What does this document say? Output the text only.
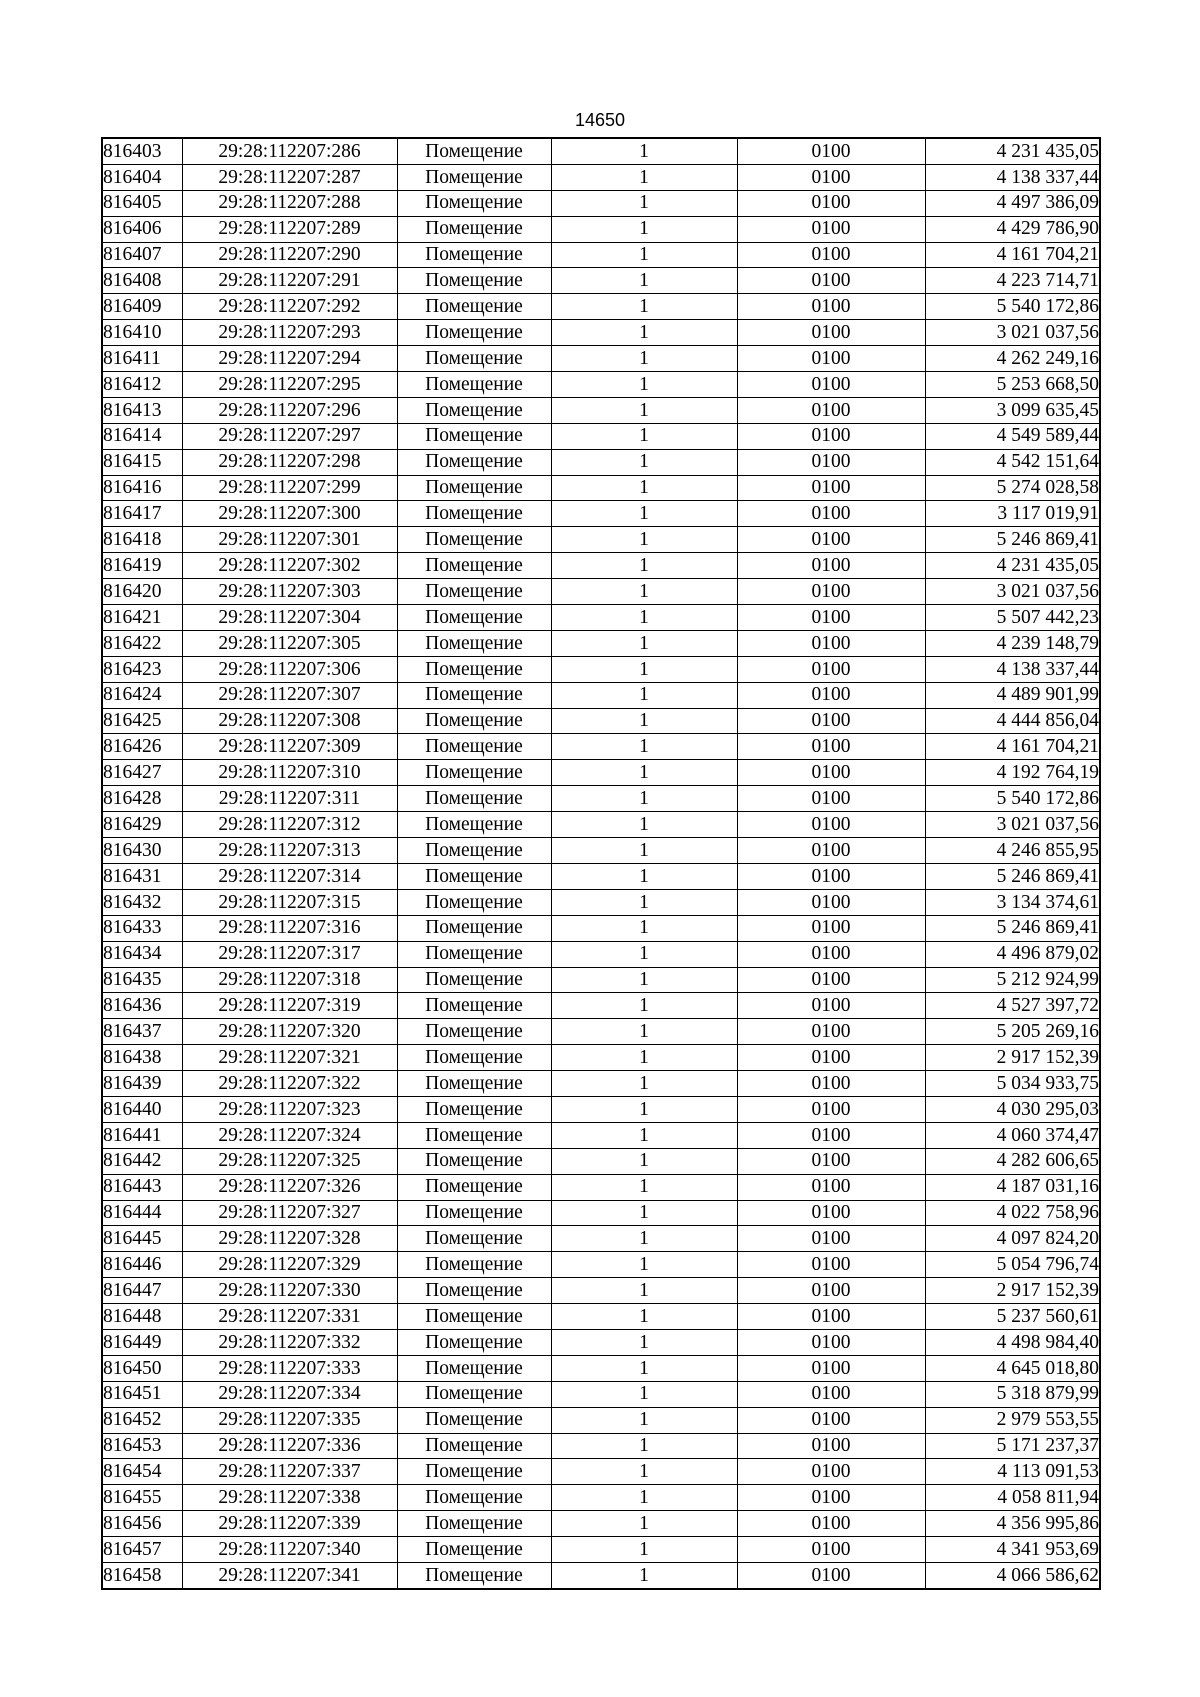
14650
816403	29:28:112207:286	Помещение	1	0100	4 231 435,05
816404	29:28:112207:287	Помещение	1	0100	4 138 337,44
816405	29:28:112207:288	Помещение	1	0100	4 497 386,09
816406	29:28:112207:289	Помещение	1	0100	4 429 786,90
816407	29:28:112207:290	Помещение	1	0100	4 161 704,21
816408	29:28:112207:291	Помещение	1	0100	4 223 714,71
816409	29:28:112207:292	Помещение	1	0100	5 540 172,86
816410	29:28:112207:293	Помещение	1	0100	3 021 037,56
816411	29:28:112207:294	Помещение	1	0100	4 262 249,16
816412	29:28:112207:295	Помещение	1	0100	5 253 668,50
816413	29:28:112207:296	Помещение	1	0100	3 099 635,45
816414	29:28:112207:297	Помещение	1	0100	4 549 589,44
816415	29:28:112207:298	Помещение	1	0100	4 542 151,64
816416	29:28:112207:299	Помещение	1	0100	5 274 028,58
816417	29:28:112207:300	Помещение	1	0100	3 117 019,91
816418	29:28:112207:301	Помещение	1	0100	5 246 869,41
816419	29:28:112207:302	Помещение	1	0100	4 231 435,05
816420	29:28:112207:303	Помещение	1	0100	3 021 037,56
816421	29:28:112207:304	Помещение	1	0100	5 507 442,23
816422	29:28:112207:305	Помещение	1	0100	4 239 148,79
816423	29:28:112207:306	Помещение	1	0100	4 138 337,44
816424	29:28:112207:307	Помещение	1	0100	4 489 901,99
816425	29:28:112207:308	Помещение	1	0100	4 444 856,04
816426	29:28:112207:309	Помещение	1	0100	4 161 704,21
816427	29:28:112207:310	Помещение	1	0100	4 192 764,19
816428	29:28:112207:311	Помещение	1	0100	5 540 172,86
816429	29:28:112207:312	Помещение	1	0100	3 021 037,56
816430	29:28:112207:313	Помещение	1	0100	4 246 855,95
816431	29:28:112207:314	Помещение	1	0100	5 246 869,41
816432	29:28:112207:315	Помещение	1	0100	3 134 374,61
816433	29:28:112207:316	Помещение	1	0100	5 246 869,41
816434	29:28:112207:317	Помещение	1	0100	4 496 879,02
816435	29:28:112207:318	Помещение	1	0100	5 212 924,99
816436	29:28:112207:319	Помещение	1	0100	4 527 397,72
816437	29:28:112207:320	Помещение	1	0100	5 205 269,16
816438	29:28:112207:321	Помещение	1	0100	2 917 152,39
816439	29:28:112207:322	Помещение	1	0100	5 034 933,75
816440	29:28:112207:323	Помещение	1	0100	4 030 295,03
816441	29:28:112207:324	Помещение	1	0100	4 060 374,47
816442	29:28:112207:325	Помещение	1	0100	4 282 606,65
816443	29:28:112207:326	Помещение	1	0100	4 187 031,16
816444	29:28:112207:327	Помещение	1	0100	4 022 758,96
816445	29:28:112207:328	Помещение	1	0100	4 097 824,20
816446	29:28:112207:329	Помещение	1	0100	5 054 796,74
816447	29:28:112207:330	Помещение	1	0100	2 917 152,39
816448	29:28:112207:331	Помещение	1	0100	5 237 560,61
816449	29:28:112207:332	Помещение	1	0100	4 498 984,40
816450	29:28:112207:333	Помещение	1	0100	4 645 018,80
816451	29:28:112207:334	Помещение	1	0100	5 318 879,99
816452	29:28:112207:335	Помещение	1	0100	2 979 553,55
816453	29:28:112207:336	Помещение	1	0100	5 171 237,37
816454	29:28:112207:337	Помещение	1	0100	4 113 091,53
816455	29:28:112207:338	Помещение	1	0100	4 058 811,94
816456	29:28:112207:339	Помещение	1	0100	4 356 995,86
816457	29:28:112207:340	Помещение	1	0100	4 341 953,69
816458	29:28:112207:341	Помещение	1	0100	4 066 586,62
